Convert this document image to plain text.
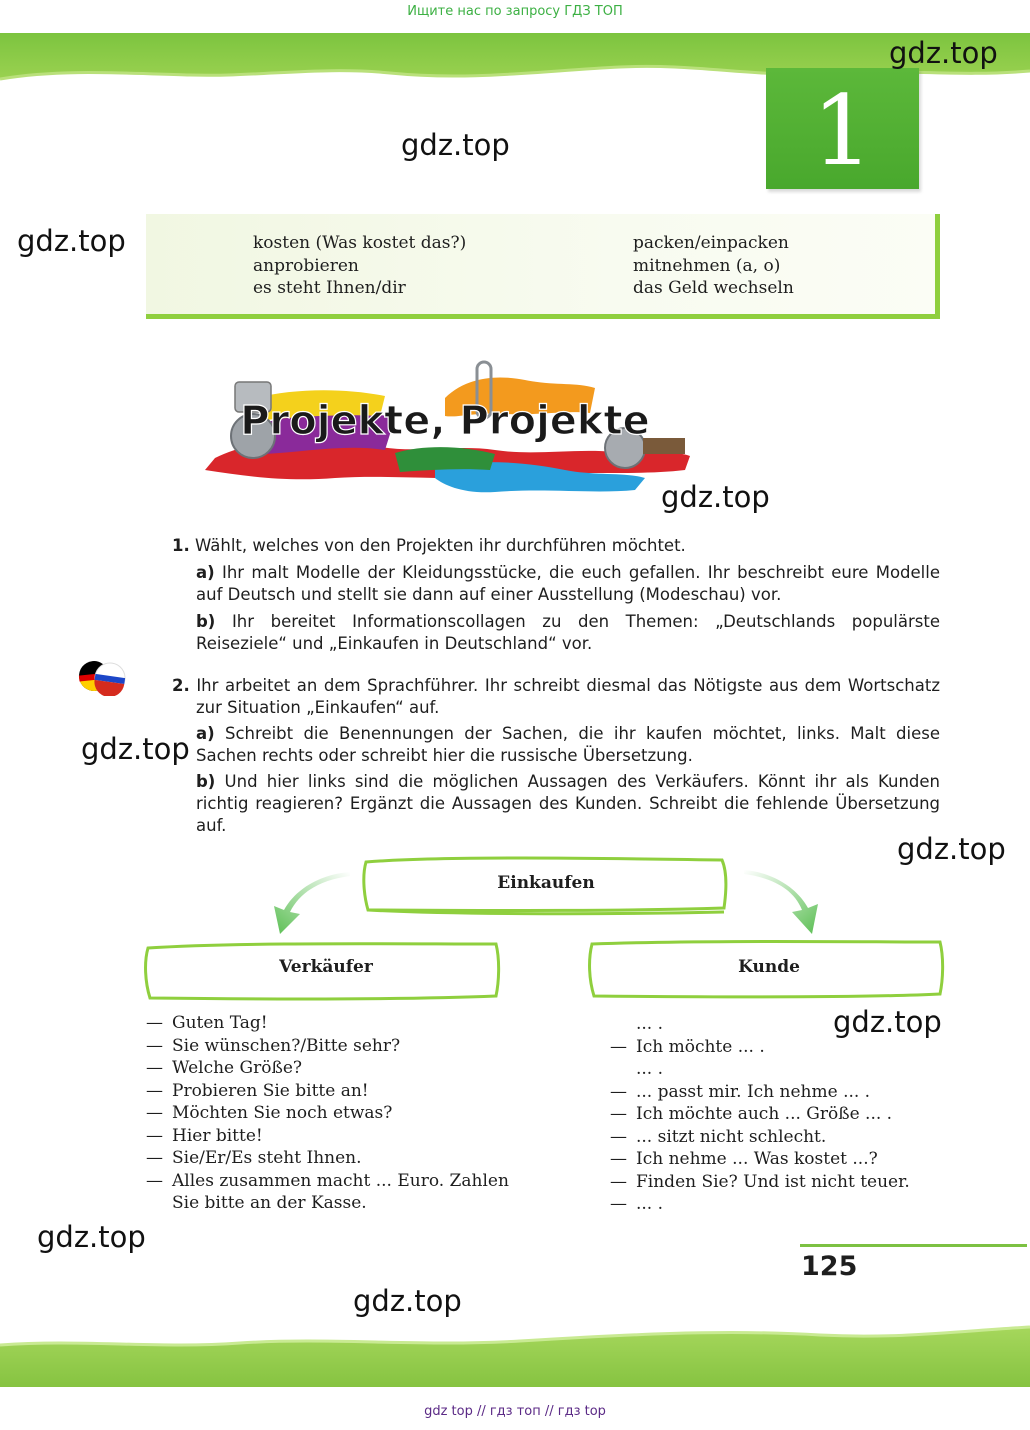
Ищите нас по запросу ГДЗ ТОП
1
gdz.top
gdz.top
gdz.top
gdz.top
gdz.top
gdz.top
gdz.top
gdz.top
gdz.top
kosten (Was kostet das?)
anprobieren
es steht Ihnen/dir
packen/einpacken
mitnehmen (a, o)
das Geld wechseln
Projekte, Projekte
1. Wählt, welches von den Projekten ihr durchführen möchtet.
a) Ihr malt Modelle der Kleidungsstücke, die euch gefallen. Ihr beschreibt eure Modelle auf Deutsch und stellt sie dann auf einer Ausstellung (Modeschau) vor.
b) Ihr bereitet Informationscollagen zu den Themen: „Deutschlands populärste Reiseziele“ und „Einkaufen in Deutschland“ vor.
2. Ihr arbeitet an dem Sprachführer. Ihr schreibt diesmal das Nötigste aus dem Wortschatz zur Situation „Einkaufen“ auf.
a) Schreibt die Benennungen der Sachen, die ihr kaufen möchtet, links. Malt diese Sachen rechts oder schreibt hier die russische Übersetzung.
b) Und hier links sind die möglichen Aussagen des Verkäufers. Könnt ihr als Kunden richtig reagieren? Ergänzt die Aussagen des Kunden. Schreibt die fehlende Übersetzung auf.
Einkaufen
Verkäufer	Kunde
— Guten Tag!
— Sie wünschen?/Bitte sehr?
— Welche Größe?
— Probieren Sie bitte an!
— Möchten Sie noch etwas?
— Hier bitte!
— Sie/Er/Es steht Ihnen.
— Alles zusammen macht ... Euro. Zahlen
Sie bitte an der Kasse.
... .
— Ich möchte ... .
... .
— ... passt mir. Ich nehme ... .
— Ich möchte auch ... Größe ... .
— ... sitzt nicht schlecht.
— Ich nehme ... Was kostet ...?
— Finden Sie? Und ist nicht teuer.
— ... .
125
gdz top // гдз топ // гдз top
